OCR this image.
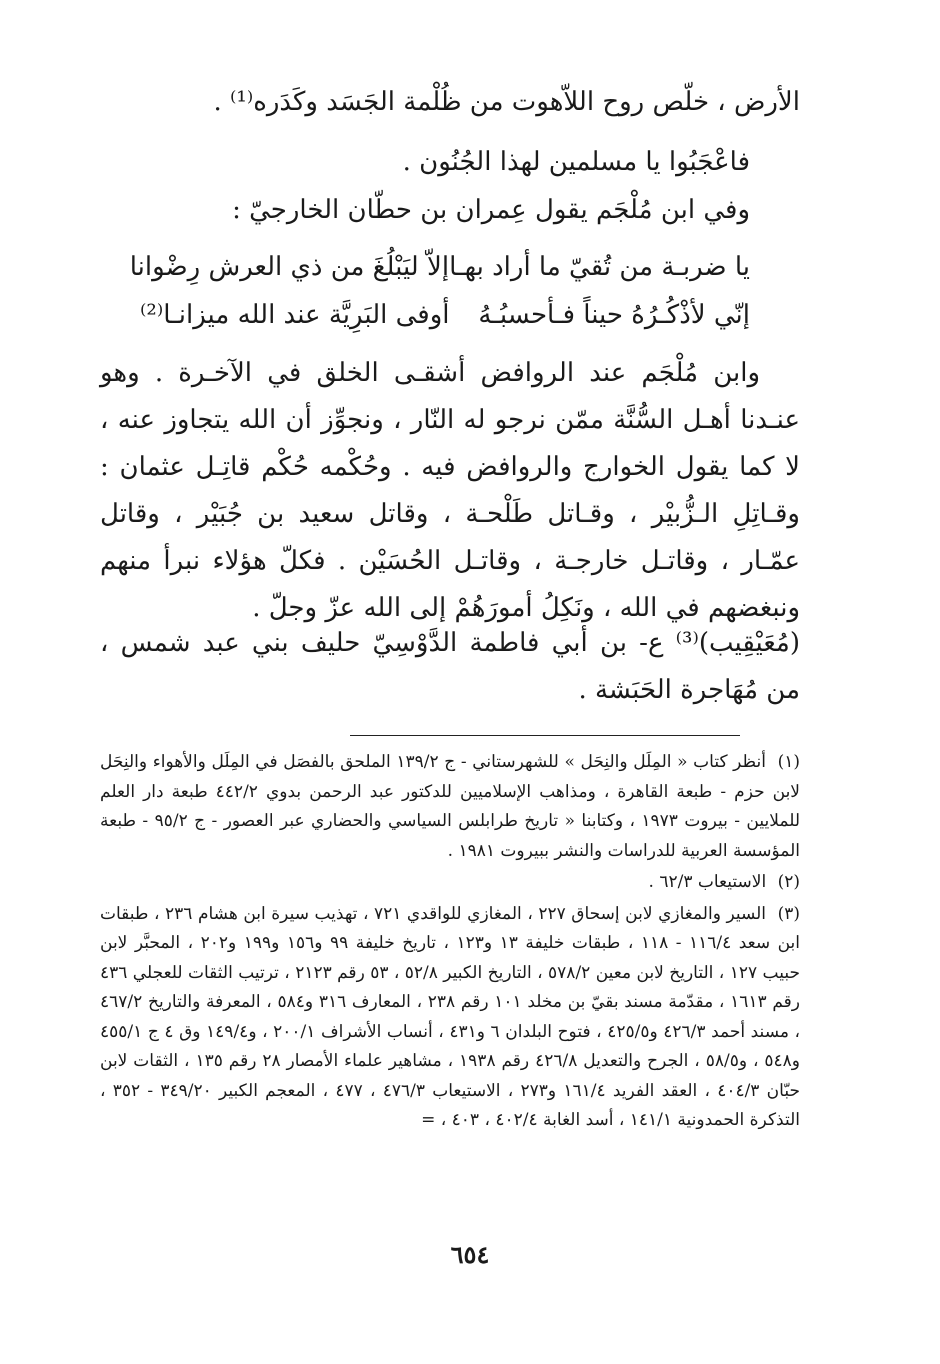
الأرض ، خلّص روح اللاّهوت من ظُلْمة الجَسَد وكَدَره⁽¹⁾ .
فاعْجَبُوا يا مسلمين لهذا الجُنُون .
وفي ابن مُلْجَم يقول عِمران بن حطّان الخارجيّ :
يا ضربـة من تُقيّ ما أراد بهـا
إلاّ ليَبْلُغَ من ذي العرش رِضْوانا
إنّي لأذْكُـرُهُ حيناً فـأحسبُـهُ
أوفى البَرِيَّة عند الله ميزانـا⁽²⁾
وابن مُلْجَم عند الروافض أشقـى الخلق في الآخـرة . وهو عنـدنا أهـل السُّنَّة ممّن نرجو له النّار ، ونجوِّز أن الله يتجاوز عنه ، لا كما يقول الخوارج والروافض فيه . وحُكْمه حُكْم قاتِـل عثمان : وقـاتِلِ الـزُّبيْر ، وقـاتل طَلْحـة ، وقاتل سعيد بن جُبَيْر ، وقاتل عمّـار ، وقاتـل خارجـة ، وقاتـل الحُسَيْن . فكلّ هؤلاء نبرأ منهم ونبغضهم في الله ، ونَكِلُ أمورَهُمْ إلى الله عزّ وجلّ .
(مُعَيْقِيب)⁽³⁾ ع- بن أبي فاطمة الدَّوْسِيّ حليف بني عبد شمس ، من مُهَاجرة الحَبَشة .

(١) أنظر كتاب « المِلَل والنِحَل » للشهرستاني - ج ١٣٩/٢ الملحق بالفصَل في المِلَل والأهواء والنِحَل لابن حزم - طبعة القاهرة ، ومذاهب الإسلاميين للدكتور عبد الرحمن بدوي ٤٤٢/٢ طبعة دار العلم للملايين - بيروت ١٩٧٣ ، وكتابنا « تاريخ طرابلس السياسي والحضاري عبر العصور - ج ٩٥/٢ - طبعة المؤسسة العربية للدراسات والنشر ببيروت ١٩٨١ .

(٢) الاستيعاب ٦٢/٣ .

(٣) السير والمغازي لابن إسحاق ٢٢٧ ، المغازي للواقدي ٧٢١ ، تهذيب سيرة ابن هشام ٢٣٦ ، طبقات ابن سعد ١١٦/٤ - ١١٨ ، طبقات خليفة ١٣ و١٢٣ ، تاريخ خليفة ٩٩ و١٥٦ و١٩٩ و٢٠٢ ، المحبَّر لابن حبيب ١٢٧ ، التاريخ لابن معين ٥٧٨/٢ ، التاريخ الكبير ٥٢/٨ ، ٥٣ رقم ٢١٢٣ ، ترتيب الثقات للعجلي ٤٣٦ رقم ١٦١٣ ، مقدّمة مسند بقيّ بن مخلد ١٠١ رقم ٢٣٨ ، المعارف ٣١٦ و٥٨٤ ، المعرفة والتاريخ ٤٦٧/٢ ، مسند أحمد ٤٢٦/٣ و٤٢٥/٥ ، فتوح البلدان ٦ و٤٣١ ، أنساب الأشراف ٢٠٠/١ ، و١٤٩/٤ وق ٤ ج ٤٥٥/١ و٥٤٨ ، و٥٨/٥ ، الجرح والتعديل ٤٢٦/٨ رقم ١٩٣٨ ، مشاهير علماء الأمصار ٢٨ رقم ١٣٥ ، الثقات لابن حبّان ٤٠٤/٣ ، العقد الفريد ١٦١/٤ و٢٧٣ ، الاستيعاب ٤٧٦/٣ ، ٤٧٧ ، المعجم الكبير ٣٤٩/٢٠ - ٣٥٢ ، التذكرة الحمدونية ١٤١/١ ، أسد الغابة ٤٠٢/٤ ، ٤٠٣ ، =

٦٥٤
